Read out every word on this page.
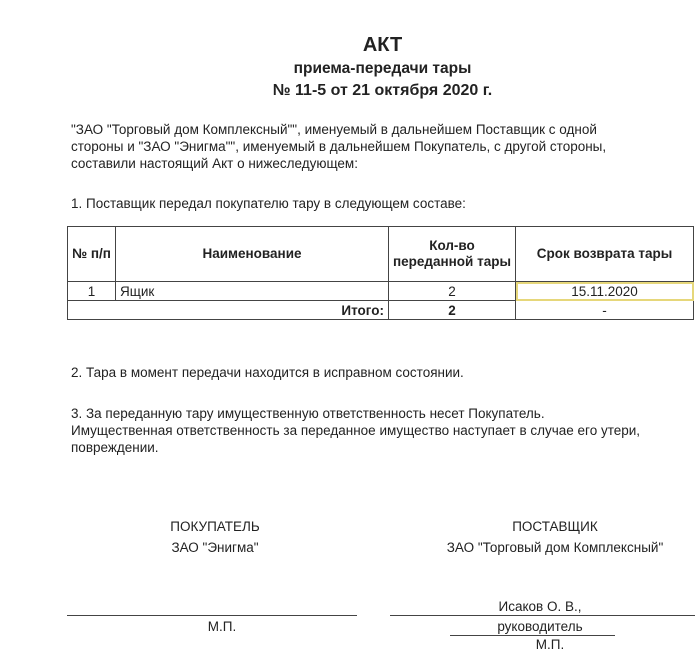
АКТ
приема-передачи тары
№ 11-5 от 21 октября 2020 г.
"ЗАО "Торговый дом Комплексный"", именуемый в дальнейшем Поставщик с одной
стороны и "ЗАО "Энигма"", именуемый в дальнейшем Покупатель, с другой стороны,
составили настоящий Акт о нижеследующем:
1. Поставщик передал покупателю тару в следующем составе:
№ п/п	Наименование	Кол-во переданной тары	Срок возврата тары
1	Ящик	2	15.11.2020
Итого:		2	-
2. Тара в момент передачи находится в исправном состоянии.
3. За переданную тару имущественную ответственность несет Покупатель.
Имущественная ответственность за переданное имущество наступает в случае его утери,
повреждении.
ПОКУПАТЕЛЬ
ЗАО "Энигма"
М.П.
ПОСТАВЩИК
ЗАО "Торговый дом Комплексный"
Исаков О. В.,
руководитель
М.П.
